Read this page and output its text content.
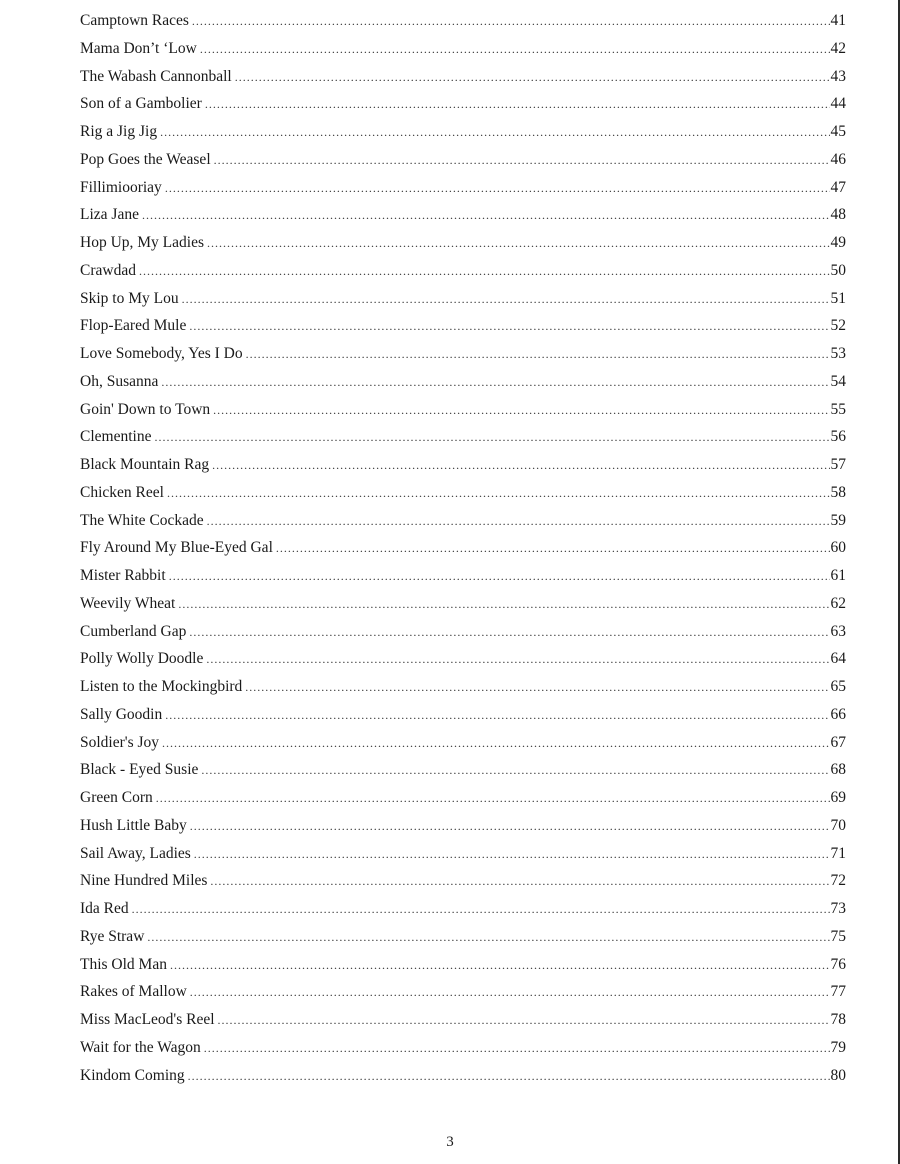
Camptown Races .....	41
Mama Don’t ‘Low .....	42
The Wabash Cannonball .....	43
Son of a Gambolier .....	44
Rig a Jig Jig .....	45
Pop Goes the Weasel .....	46
Fillimiooriay .....	47
Liza Jane .....	48
Hop Up, My Ladies .....	49
Crawdad .....	50
Skip to My Lou .....	51
Flop-Eared Mule .....	52
Love Somebody, Yes I Do .....	53
Oh, Susanna .....	54
Goin' Down to Town .....	55
Clementine .....	56
Black Mountain Rag .....	57
Chicken Reel .....	58
The White Cockade .....	59
Fly Around My Blue-Eyed Gal .....	60
Mister Rabbit .....	61
Weevily Wheat .....	62
Cumberland Gap .....	63
Polly Wolly Doodle .....	64
Listen to the Mockingbird .....	65
Sally Goodin .....	66
Soldier's Joy .....	67
Black - Eyed Susie .....	68
Green Corn .....	69
Hush Little Baby .....	70
Sail Away, Ladies .....	71
Nine Hundred Miles .....	72
Ida Red .....	73
Rye Straw .....	75
This Old Man .....	76
Rakes of Mallow .....	77
Miss MacLeod's Reel .....	78
Wait for the Wagon .....	79
Kindom Coming .....	80
3
